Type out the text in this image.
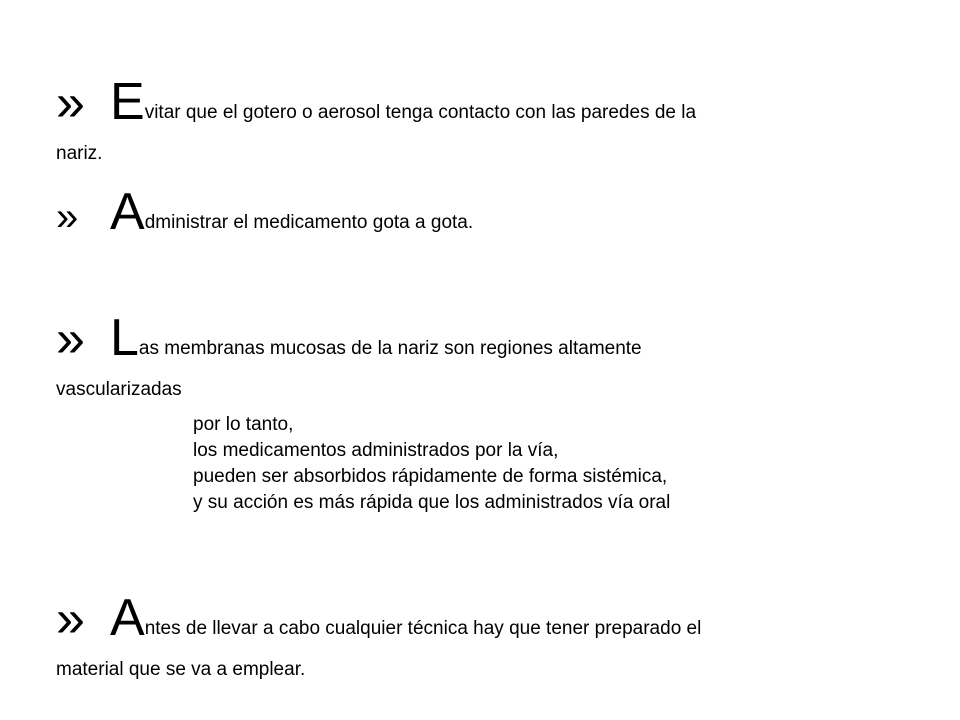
» Evitar que el gotero o aerosol tenga contacto con las paredes de la
nariz.
» Administrar el medicamento gota a gota.
» Las membranas mucosas de la nariz son regiones altamente
vascularizadas
por lo tanto,
los medicamentos administrados por la vía,
pueden ser absorbidos rápidamente de forma sistémica,
y su acción es más rápida que los administrados vía oral
» Antes de llevar a cabo cualquier técnica hay que tener preparado el
material que se va a emplear.
